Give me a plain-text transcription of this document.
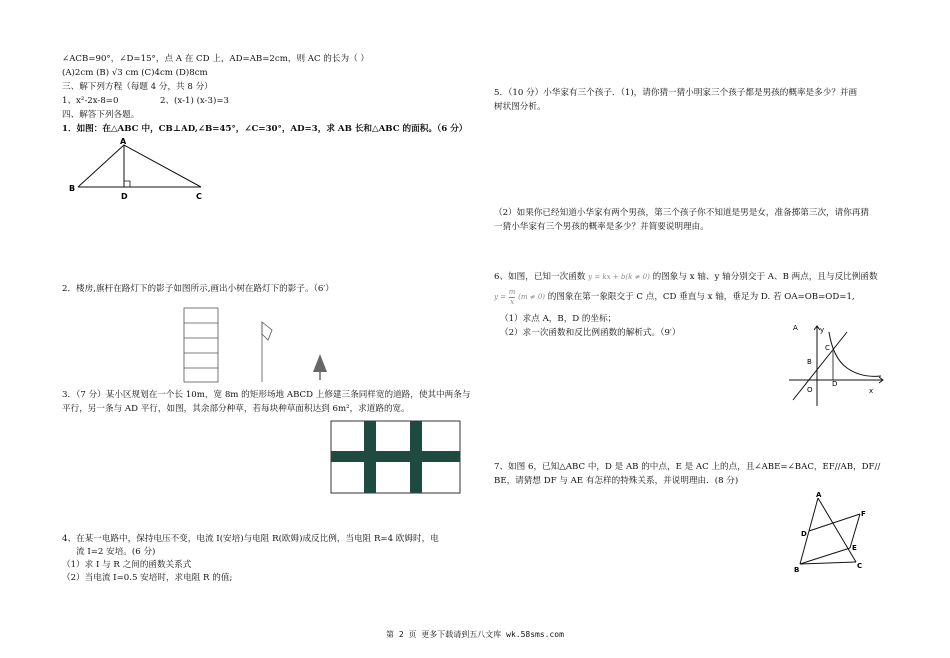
∠ACB=90°，∠D=15°，点 A 在 CD 上，AD=AB=2cm，则 AC 的长为（ ）
(A)2cm (B) √3 cm (C)4cm (D)8cm
三、解下列方程（每题 4 分，共 8 分）
1、x²-2x-8=0	2、(x-1) (x-3)=3
四、解答下列各题。
1．如图：在△ABC 中，CB⊥AD,∠B=45°，∠C=30°，AD=3，求 AB 长和△ABC 的面积。（6 分）
A
B
D	C
2．楼房,旗杆在路灯下的影子如图所示,画出小树在路灯下的影子。（6′）
3．（7 分）某小区规划在一个长 10m，宽 8m 的矩形场地 ABCD 上修建三条同样宽的道路，使其中两条与
平行，另一条与 AD 平行，如图，其余部分种草，若每块种草面积达到 6m²，求道路的宽。
4、在某一电路中，保持电压不变，电流 I(安培)与电阻 R(欧姆)成反比例，当电阻 R=4 欧姆时，电
流 I=2 安培。(6 分)
（1）求 I 与 R 之间的函数关系式
（2）当电流 I=0.5 安培时，求电阻 R 的值;
5．（10 分）小华家有三个孩子．（1)，请你猜一猜小明家三个孩子都是男孩的概率是多少？并画
树状图分析。
（2）如果你已经知道小华家有两个男孩，第三个孩子你不知道是男是女，准备掷第三次，请你再猜
一猜小华家有三个男孩的概率是多少？并简要说明理由。
6、如图，已知一次函数 y = kx + b(k ≠ 0) 的图象与 x 轴、y 轴分别交于 A、B 两点，且与反比例函数
$y = \frac{m}{x} (m \ne 0)$ 的图象在第一象限交于 C 点，CD 垂直与 x 轴，垂足为 D. 若 OA=OB=OD=1,
（1）求点 A，B，D 的坐标；
（2）求一次函数和反比例函数的解析式。（9′）	A	y
C
B
D
O	x
7、如图 6，已知△ABC 中，D 是 AB 的中点，E 是 AC 上的点，且∠ABE=∠BAC，EF//AB，DF//
BE，请猜想 DF 与 AE 有怎样的特殊关系，并说明理由．(8 分)
A
F
D
E
B	C
第 2 页 更多下载请到五八文库 wk.58sms.com
